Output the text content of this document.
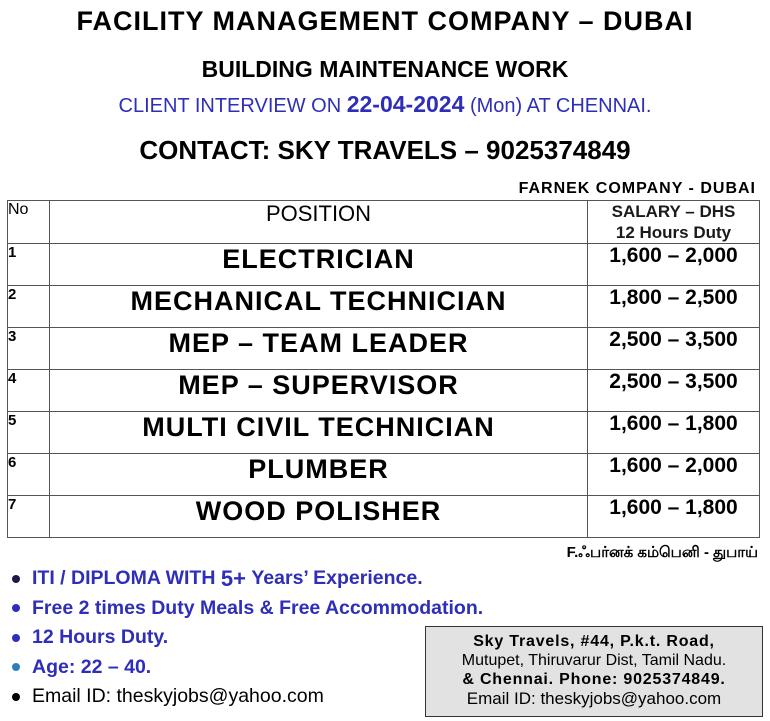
FACILITY MANAGEMENT COMPANY – DUBAI
BUILDING MAINTENANCE WORK
CLIENT INTERVIEW ON 22-04-2024 (Mon) AT CHENNAI.
CONTACT: SKY TRAVELS – 9025374849
FARNEK COMPANY - DUBAI
No	POSITION	SALARY – DHS
12 Hours Duty

1	ELECTRICIAN	1,600 – 2,000
2	MECHANICAL TECHNICIAN	1,800 – 2,500
3	MEP – TEAM LEADER	2,500 – 3,500
4	MEP – SUPERVISOR	2,500 – 3,500
5	MULTI CIVIL TECHNICIAN	1,600 – 1,800
6	PLUMBER	1,600 – 2,000
7	WOOD POLISHER	1,600 – 1,800
F.ஃபர்னக் கம்பெனி - துபாய்
ITI / DIPLOMA WITH
5+
Years’ Experience.
Free 2 times Duty Meals & Free Accommodation.
12 Hours Duty.
Age: 22 – 40.
Email ID: theskyjobs@yahoo.com
Sky Travels, #44, P.k.t. Road,
Mutupet, Thiruvarur Dist, Tamil Nadu.
& Chennai. Phone: 9025374849.
Email ID: theskyjobs@yahoo.com
